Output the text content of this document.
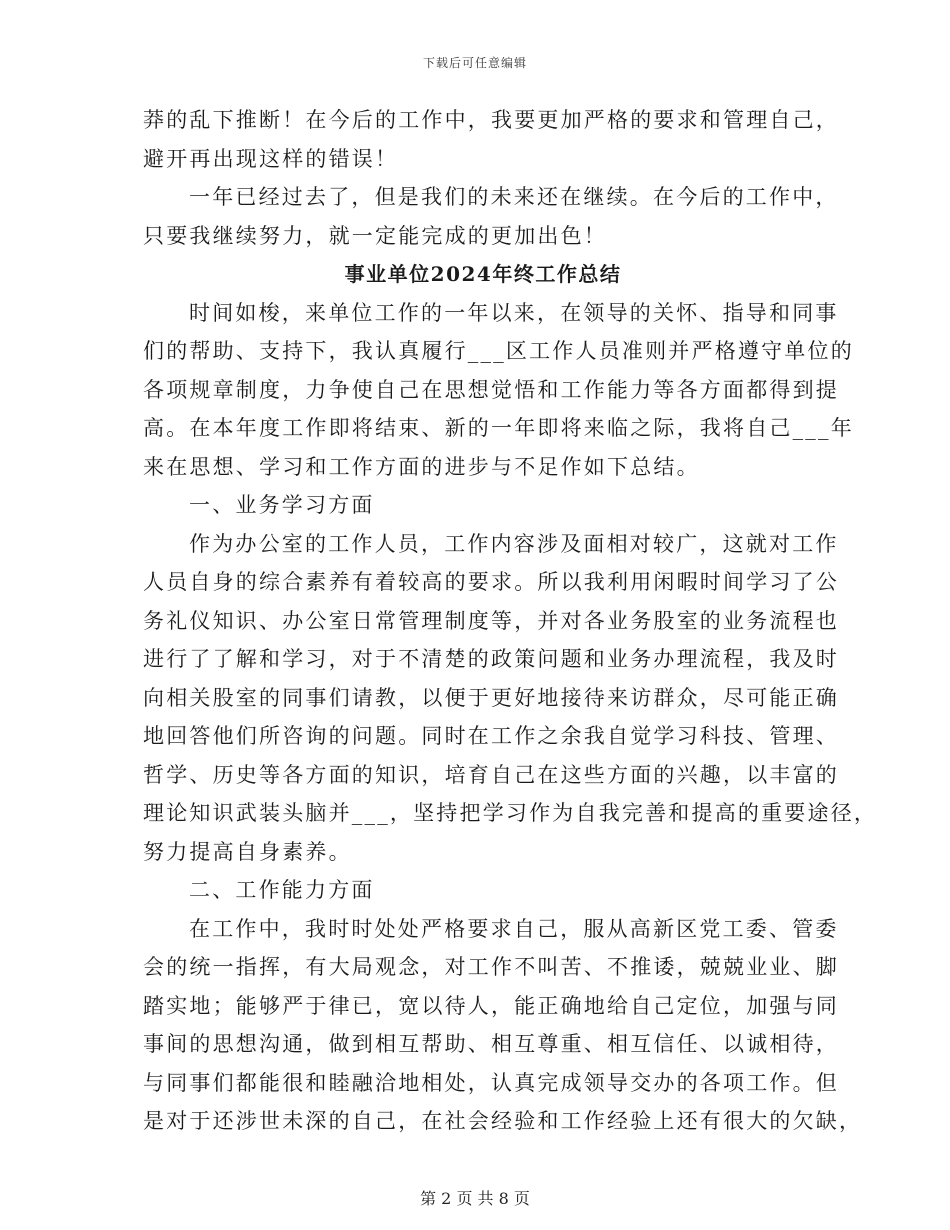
下载后可任意编辑
莽的乱下推断！在今后的工作中，我要更加严格的要求和管理自己，
避开再出现这样的错误！
一年已经过去了，但是我们的未来还在继续。在今后的工作中，
只要我继续努力，就一定能完成的更加出色！
事业单位2024年终工作总结
时间如梭，来单位工作的一年以来，在领导的关怀、指导和同事
们的帮助、支持下，我认真履行___区工作人员准则并严格遵守单位的
各项规章制度，力争使自己在思想觉悟和工作能力等各方面都得到提
高。在本年度工作即将结束、新的一年即将来临之际，我将自己___年
来在思想、学习和工作方面的进步与不足作如下总结。
一、业务学习方面
作为办公室的工作人员，工作内容涉及面相对较广，这就对工作
人员自身的综合素养有着较高的要求。所以我利用闲暇时间学习了公
务礼仪知识、办公室日常管理制度等，并对各业务股室的业务流程也
进行了了解和学习，对于不清楚的政策问题和业务办理流程，我及时
向相关股室的同事们请教，以便于更好地接待来访群众，尽可能正确
地回答他们所咨询的问题。同时在工作之余我自觉学习科技、管理、
哲学、历史等各方面的知识，培育自己在这些方面的兴趣，以丰富的
理论知识武装头脑并___，坚持把学习作为自我完善和提高的重要途径，
努力提高自身素养。
二、工作能力方面
在工作中，我时时处处严格要求自己，服从高新区党工委、管委
会的统一指挥，有大局观念，对工作不叫苦、不推诿，兢兢业业、脚
踏实地；能够严于律已，宽以待人，能正确地给自己定位，加强与同
事间的思想沟通，做到相互帮助、相互尊重、相互信任、以诚相待，
与同事们都能很和睦融洽地相处，认真完成领导交办的各项工作。但
是对于还涉世未深的自己，在社会经验和工作经验上还有很大的欠缺，
第 2 页 共 8 页
